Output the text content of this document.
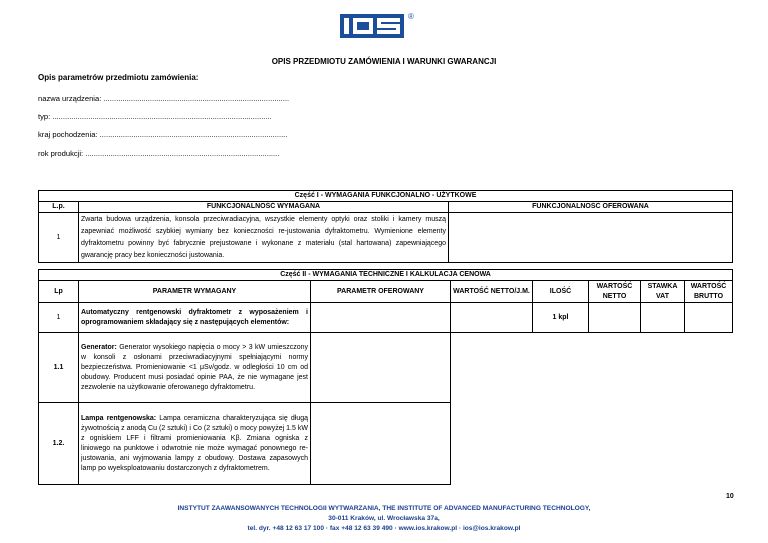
®
OPIS PRZEDMIOTU ZAMÓWIENIA I WARUNKI GWARANCJI
Opis parametrów przedmiotu zamówienia:
nazwa urządzenia: ........................................................................................
typ: ........................................................................................................
kraj pochodzenia: .........................................................................................
rok produkcji: ............................................................................................
Część I - WYMAGANIA FUNKCJONALNO - UŻYTKOWE		
L.p.	FUNKCJONALNOŚĆ WYMAGANA	FUNKCJONALNOŚĆ OFEROWANA
1	Zwarta budowa urządzenia, konsola przeciwradiacyjna, wszystkie elementy optyki oraz stoliki i kamery muszą zapewniać możliwość szybkiej wymiany bez konieczności re-justowania dyfraktometru. Wymienione elementy dyfraktometru powinny być fabrycznie prejustowane i wykonane z materiału (stal hartowana) zapewniającego gwarancję pracy bez konieczności justowania.	
Część II - WYMAGANIA TECHNICZNE I KALKULACJA CENOWA							
Lp	PARAMETR WYMAGANY	PARAMETR OFEROWANY	WARTOŚĆ NETTO/J.M.	ILOŚĆ	WARTOŚĆ NETTO	STAWKA VAT	WARTOŚĆ BRUTTO
1	Automatyczny rentgenowski dyfraktometr z wyposażeniem i oprogramowaniem składający się z następujących elementów:			1 kpl			
1.1	Generator: Generator wysokiego napięcia o mocy > 3 kW umieszczony w konsoli z osłonami przeciwradiacyjnymi spełniającymi normy bezpieczeństwa. Promieniowanie <1 μSv/godz. w odległości 10 cm od obudowy. Producent musi posiadać opinie PAA, że nie wymagane jest zezwolenie na użytkowanie oferowanego dyfraktometru.						
1.2.	Lampa rentgenowska: Lampa ceramiczna charakteryzująca się długą żywotnością z anodą Cu (2 sztuki) i Co (2 sztuki) o mocy powyżej 1.5 kW z ogniskiem LFF i filtrami promieniowania Kβ. Zmiana ogniska z liniowego na punktowe i odwrotnie nie może wymagać ponownego re-justowania, ani wyjmowania lampy z obudowy. Dostawa zapasowych lamp po wyeksploatowaniu dostarczonych z dyfraktometrem.						
10
INSTYTUT ZAAWANSOWANYCH TECHNOLOGII WYTWARZANIA, THE INSTITUTE OF ADVANCED MANUFACTURING TECHNOLOGY,
30-011 Kraków, ul. Wrocławska 37a,
tel. dyr. +48 12 63 17 100 · fax +48 12 63 39 490 · www.ios.krakow.pl · ios@ios.krakow.pl
